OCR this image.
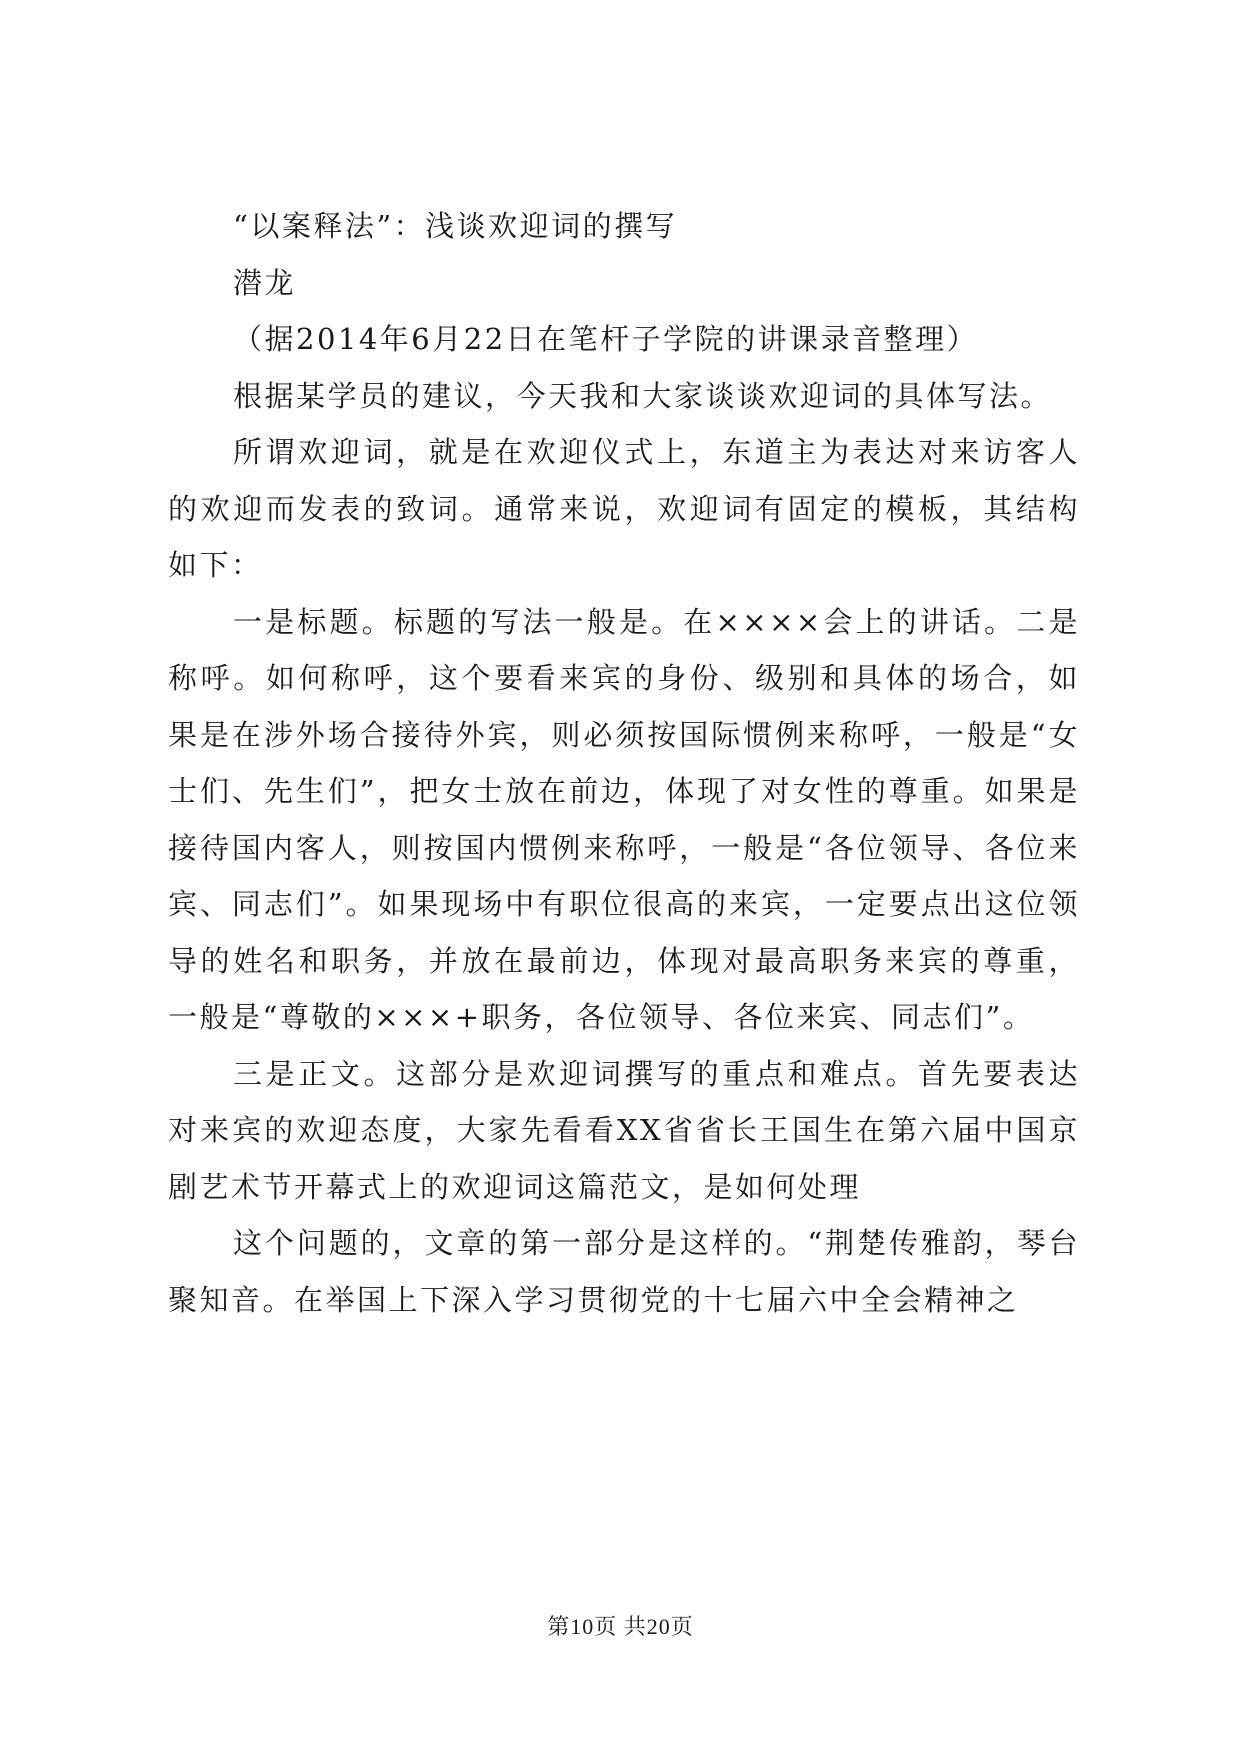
“以案释法”：浅谈欢迎词的撰写

潜龙

（据2014年6月22日在笔杆子学院的讲课录音整理）

根据某学员的建议，今天我和大家谈谈欢迎词的具体写法。

所谓欢迎词，就是在欢迎仪式上，东道主为表达对来访客人的欢迎而发表的致词。通常来说，欢迎词有固定的模板，其结构如下：

一是标题。标题的写法一般是。在××××会上的讲话。二是称呼。如何称呼，这个要看来宾的身份、级别和具体的场合，如果是在涉外场合接待外宾，则必须按国际惯例来称呼，一般是“女士们、先生们”，把女士放在前边，体现了对女性的尊重。如果是接待国内客人，则按国内惯例来称呼，一般是“各位领导、各位来宾、同志们”。如果现场中有职位很高的来宾，一定要点出这位领导的姓名和职务，并放在最前边，体现对最高职务来宾的尊重，一般是“尊敬的×××+职务，各位领导、各位来宾、同志们”。

三是正文。这部分是欢迎词撰写的重点和难点。首先要表达对来宾的欢迎态度，大家先看看XX省省长王国生在第六届中国京剧艺术节开幕式上的欢迎词这篇范文，是如何处理

这个问题的，文章的第一部分是这样的。“荆楚传雅韵，琴台聚知音。在举国上下深入学习贯彻党的十七届六中全会精神之

第10页 共20页
